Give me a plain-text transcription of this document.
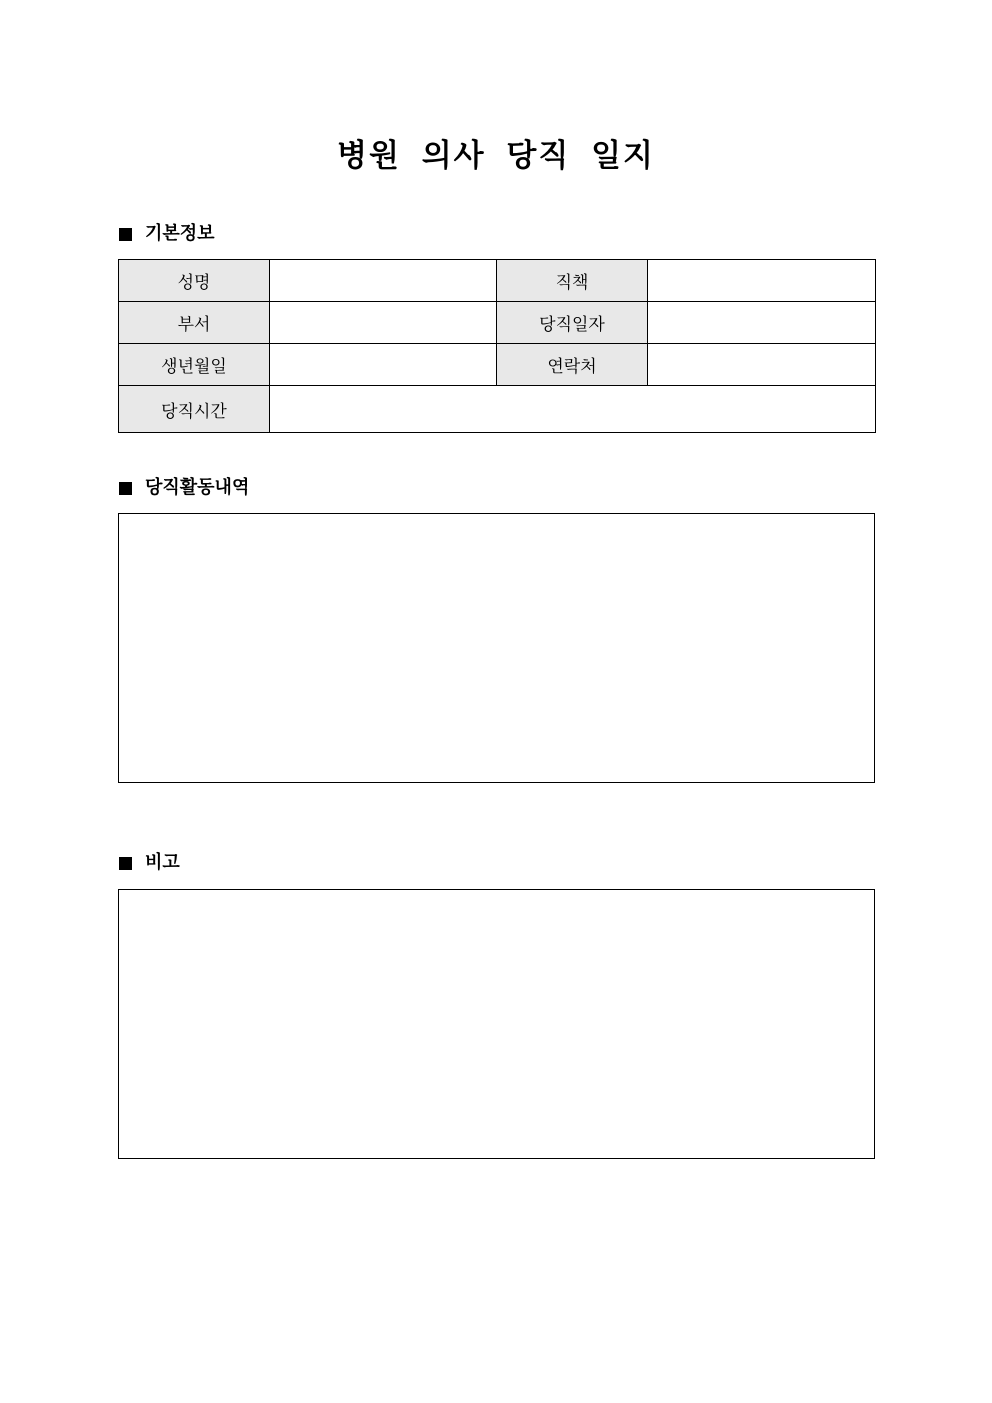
병원 의사 당직 일지
기본정보
성명		직책	
부서		당직일자	
생년월일		연락처	
당직시간			
당직활동내역
비고
